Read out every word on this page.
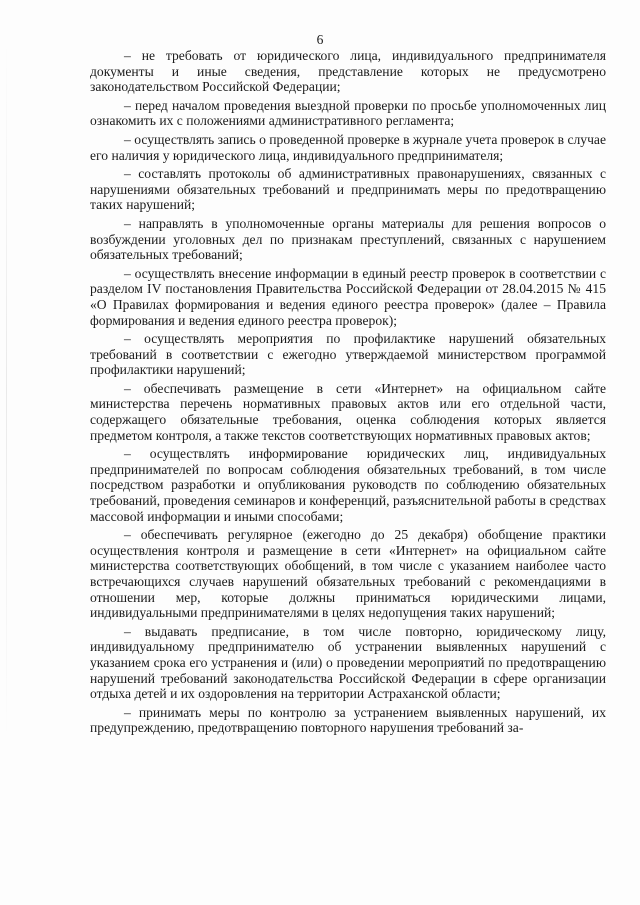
6

– не требовать от юридического лица, индивидуального предпринимателя документы и иные сведения, представление которых не предусмотрено законодательством Российской Федерации;

– перед началом проведения выездной проверки по просьбе уполномоченных лиц ознакомить их с положениями административного регламента;

– осуществлять запись о проведенной проверке в журнале учета проверок в случае его наличия у юридического лица, индивидуального предпринимателя;

– составлять протоколы об административных правонарушениях, связанных с нарушениями обязательных требований и предпринимать меры по предотвращению таких нарушений;

– направлять в уполномоченные органы материалы для решения вопросов о возбуждении уголовных дел по признакам преступлений, связанных с нарушением обязательных требований;

– осуществлять внесение информации в единый реестр проверок в соответствии с разделом IV постановления Правительства Российской Федерации от 28.04.2015 № 415 «О Правилах формирования и ведения единого реестра проверок» (далее – Правила формирования и ведения единого реестра проверок);

– осуществлять мероприятия по профилактике нарушений обязательных требований в соответствии с ежегодно утверждаемой министерством программой профилактики нарушений;

– обеспечивать размещение в сети «Интернет» на официальном сайте министерства перечень нормативных правовых актов или его отдельной части, содержащего обязательные требования, оценка соблюдения которых является предметом контроля, а также текстов соответствующих нормативных правовых актов;

– осуществлять информирование юридических лиц, индивидуальных предпринимателей по вопросам соблюдения обязательных требований, в том числе посредством разработки и опубликования руководств по соблюдению обязательных требований, проведения семинаров и конференций, разъяснительной работы в средствах массовой информации и иными способами;

– обеспечивать регулярное (ежегодно до 25 декабря) обобщение практики осуществления контроля и размещение в сети «Интернет» на официальном сайте министерства соответствующих обобщений, в том числе с указанием наиболее часто встречающихся случаев нарушений обязательных требований с рекомендациями в отношении мер, которые должны приниматься юридическими лицами, индивидуальными предпринимателями в целях недопущения таких нарушений;

– выдавать предписание, в том числе повторно, юридическому лицу, индивидуальному предпринимателю об устранении выявленных нарушений с указанием срока его устранения и (или) о проведении мероприятий по предотвращению нарушений требований законодательства Российской Федерации в сфере организации отдыха детей и их оздоровления на территории Астраханской области;

– принимать меры по контролю за устранением выявленных нарушений, их предупреждению, предотвращению повторного нарушения требований за-
